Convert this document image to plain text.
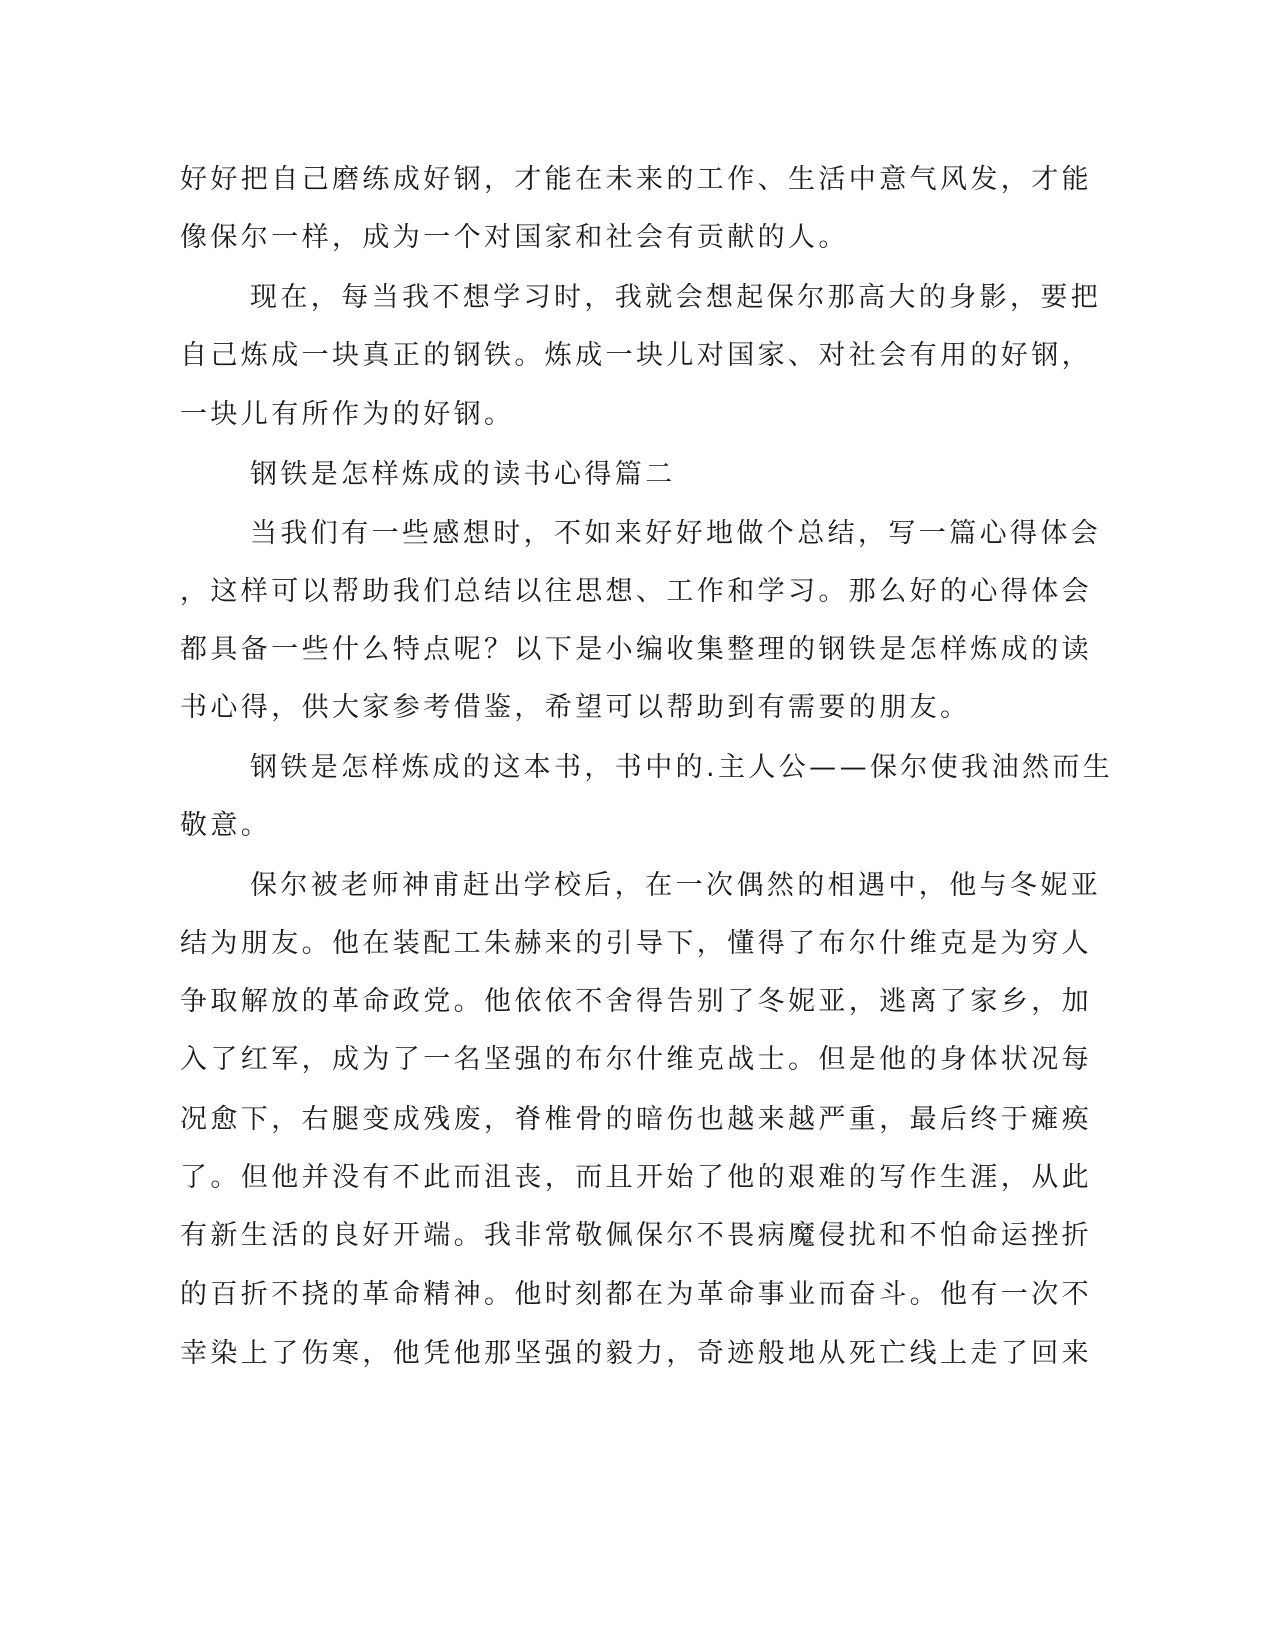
好好把自己磨练成好钢，才能在未来的工作、生活中意气风发，才能
像保尔一样，成为一个对国家和社会有贡献的人。
现在，每当我不想学习时，我就会想起保尔那高大的身影，要把
自己炼成一块真正的钢铁。炼成一块儿对国家、对社会有用的好钢，
一块儿有所作为的好钢。
钢铁是怎样炼成的读书心得篇二
当我们有一些感想时，不如来好好地做个总结，写一篇心得体会
，这样可以帮助我们总结以往思想、工作和学习。那么好的心得体会
都具备一些什么特点呢？以下是小编收集整理的钢铁是怎样炼成的读
书心得，供大家参考借鉴，希望可以帮助到有需要的朋友。
钢铁是怎样炼成的这本书，书中的.主人公——保尔使我油然而生
敬意。
保尔被老师神甫赶出学校后，在一次偶然的相遇中，他与冬妮亚
结为朋友。他在装配工朱赫来的引导下，懂得了布尔什维克是为穷人
争取解放的革命政党。他依依不舍得告别了冬妮亚，逃离了家乡，加
入了红军，成为了一名坚强的布尔什维克战士。但是他的身体状况每
况愈下，右腿变成残废，脊椎骨的暗伤也越来越严重，最后终于瘫痪
了。但他并没有不此而沮丧，而且开始了他的艰难的写作生涯，从此
有新生活的良好开端。我非常敬佩保尔不畏病魔侵扰和不怕命运挫折
的百折不挠的革命精神。他时刻都在为革命事业而奋斗。他有一次不
幸染上了伤寒，他凭他那坚强的毅力，奇迹般地从死亡线上走了回来
